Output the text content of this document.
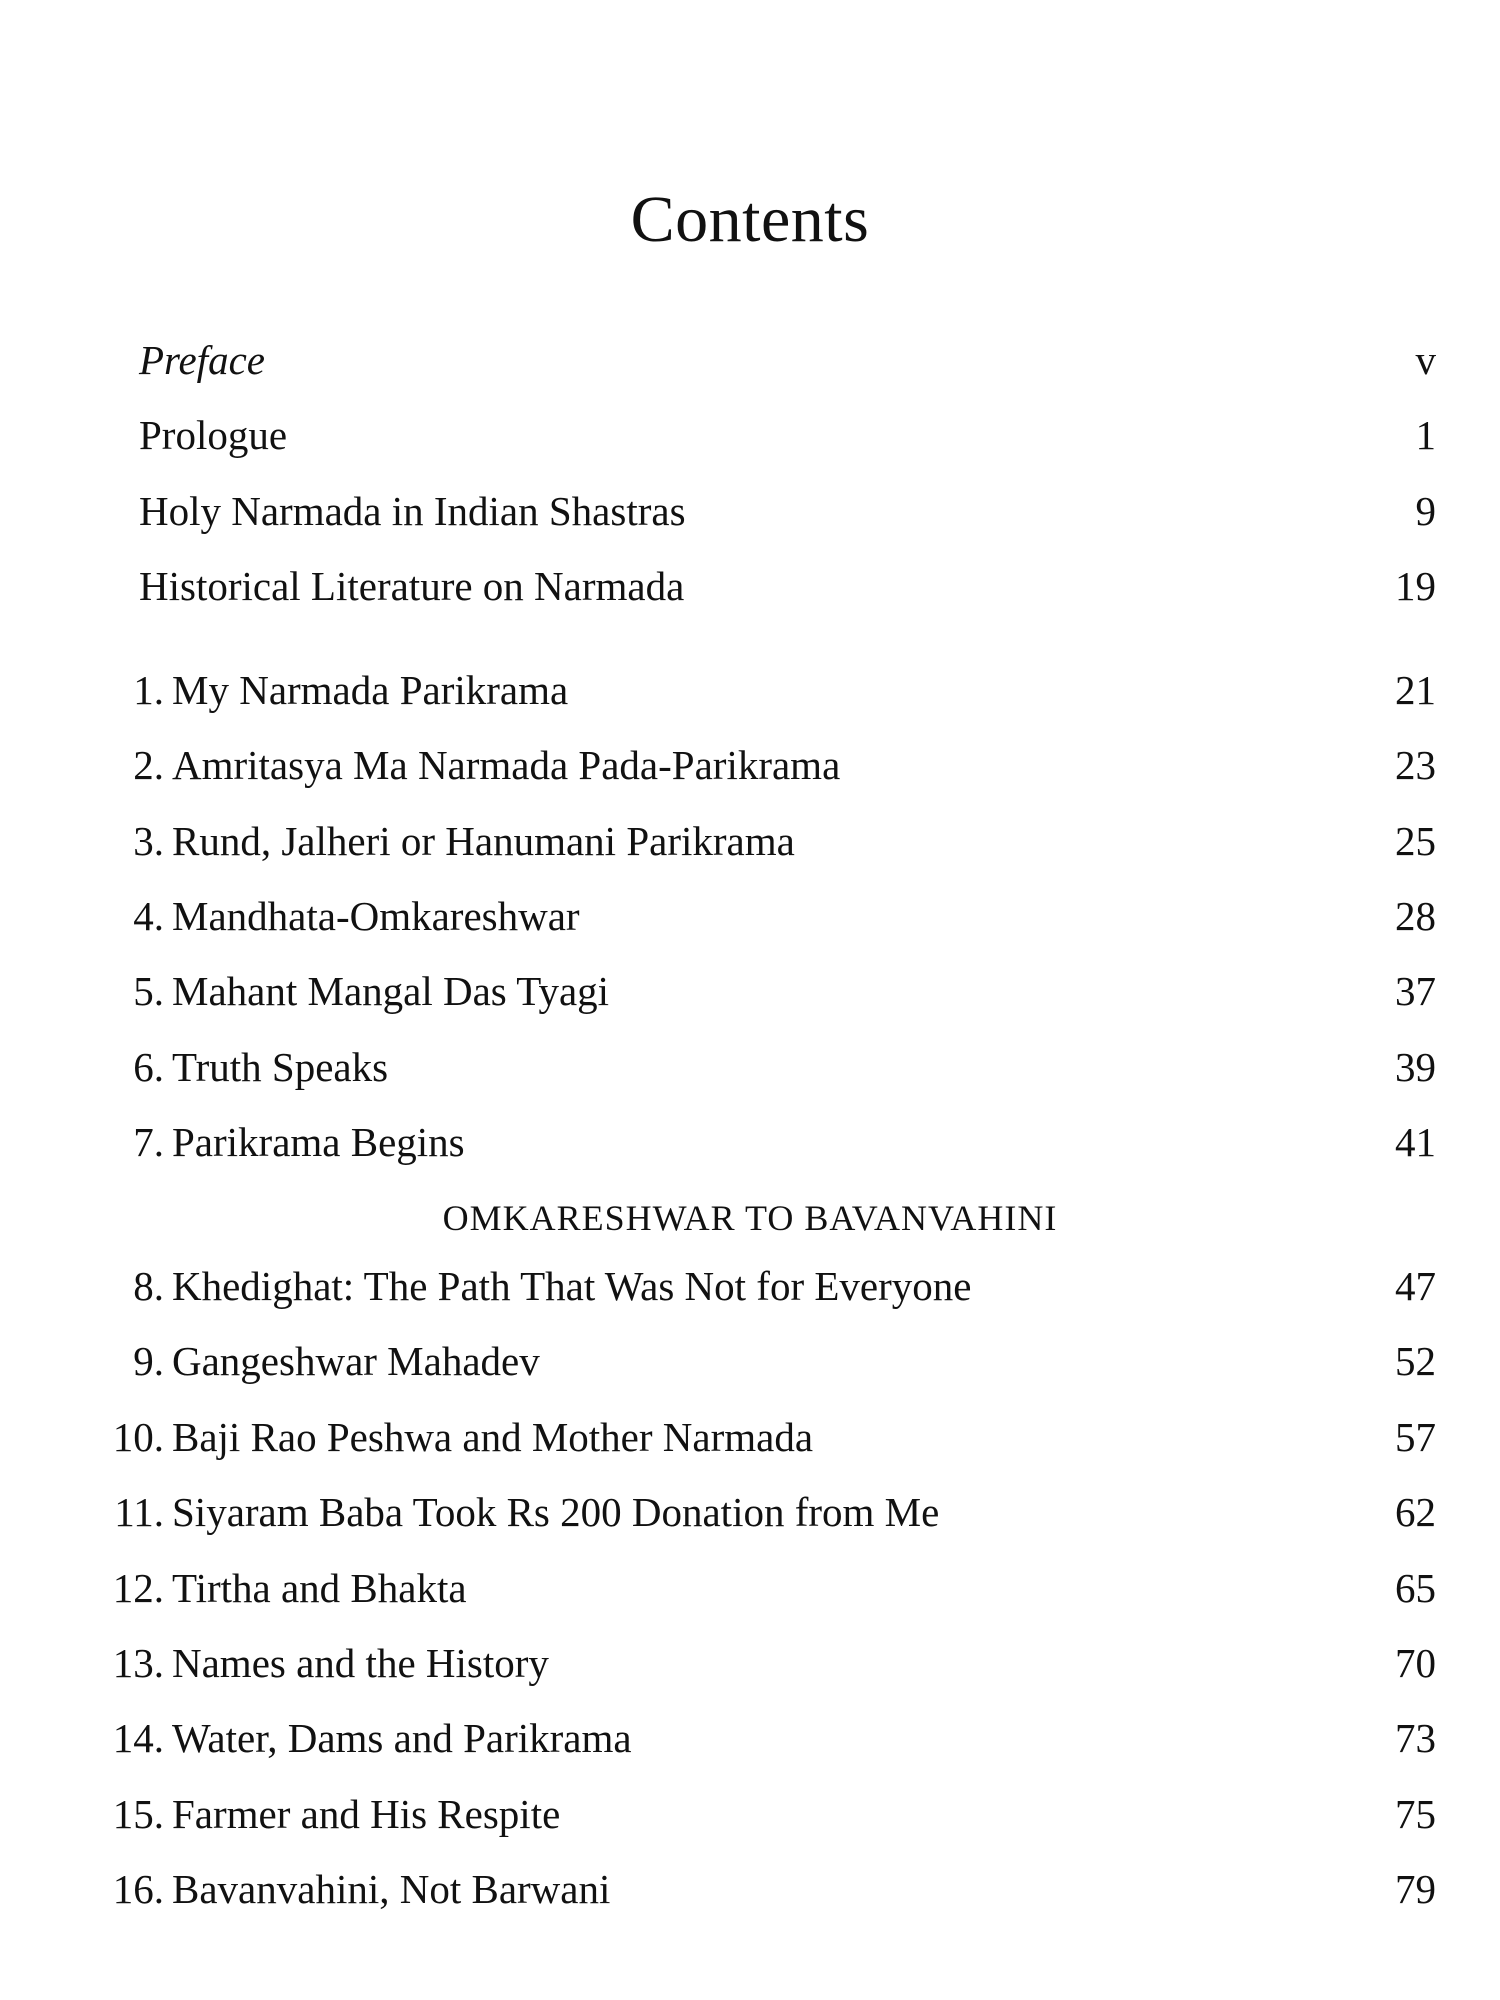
Contents
Preface	v
Prologue	1
Holy Narmada in Indian Shastras	9
Historical Literature on Narmada	19
1. My Narmada Parikrama	21
2. Amritasya Ma Narmada Pada-Parikrama	23
3. Rund, Jalheri or Hanumani Parikrama	25
4. Mandhata-Omkareshwar	28
5. Mahant Mangal Das Tyagi	37
6. Truth Speaks	39
7. Parikrama Begins	41
OMKARESHWAR TO BAVANVAHINI
8. Khedighat: The Path That Was Not for Everyone	47
9. Gangeshwar Mahadev	52
10. Baji Rao Peshwa and Mother Narmada	57
11. Siyaram Baba Took Rs 200 Donation from Me	62
12. Tirtha and Bhakta	65
13. Names and the History	70
14. Water, Dams and Parikrama	73
15. Farmer and His Respite	75
16. Bavanvahini, Not Barwani	79
